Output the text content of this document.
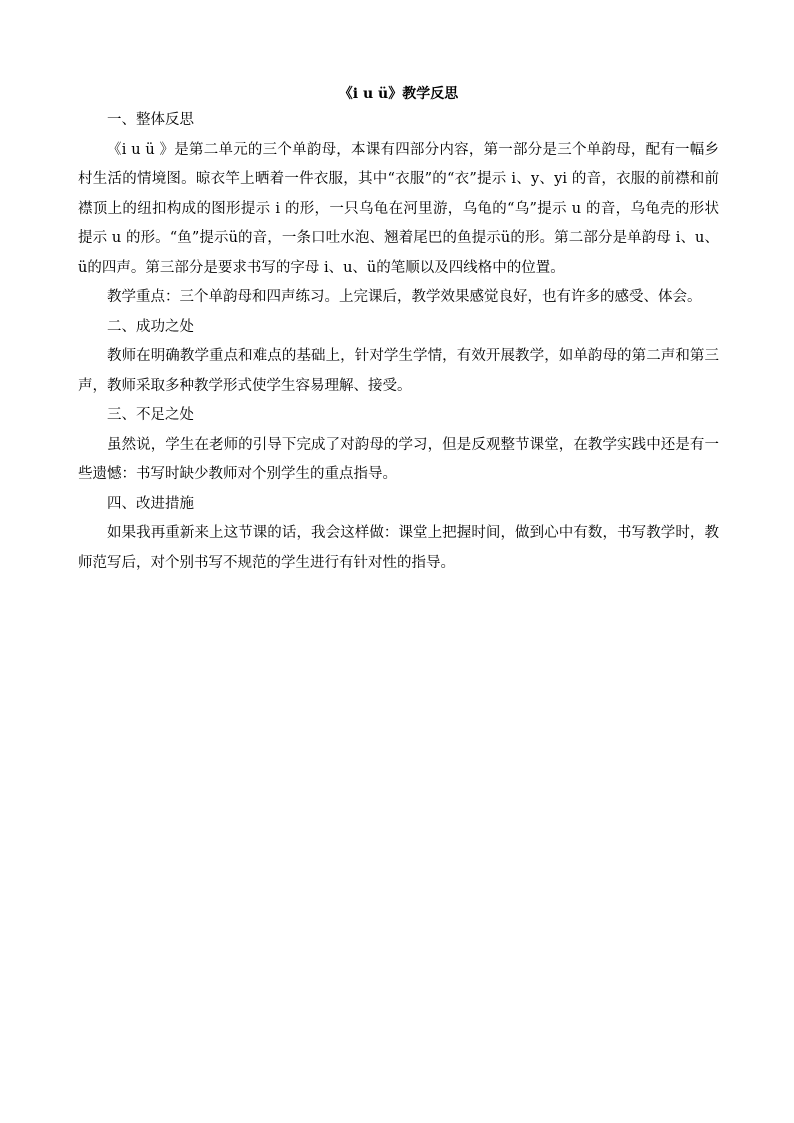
《i u ü》教学反思

一、整体反思

《i u ü 》是第二单元的三个单韵母，本课有四部分内容，第一部分是三个单韵母，配有一幅乡村生活的情境图。晾衣竿上晒着一件衣服，其中“衣服”的“衣”提示 i、y、yi 的音，衣服的前襟和前襟顶上的纽扣构成的图形提示 i 的形，一只乌龟在河里游，乌龟的“乌”提示 u 的音，乌龟壳的形状提示 u 的形。“鱼”提示ü的音，一条口吐水泡、翘着尾巴的鱼提示ü的形。第二部分是单韵母 i、u、ü的四声。第三部分是要求书写的字母 i、u、ü的笔顺以及四线格中的位置。

教学重点：三个单韵母和四声练习。上完课后，教学效果感觉良好，也有许多的感受、体会。

二、成功之处

教师在明确教学重点和难点的基础上，针对学生学情，有效开展教学，如单韵母的第二声和第三声，教师采取多种教学形式使学生容易理解、接受。

三、不足之处

虽然说，学生在老师的引导下完成了对韵母的学习，但是反观整节课堂，在教学实践中还是有一些遗憾：书写时缺少教师对个别学生的重点指导。

四、改进措施

如果我再重新来上这节课的话，我会这样做：课堂上把握时间，做到心中有数，书写教学时，教师范写后，对个别书写不规范的学生进行有针对性的指导。
